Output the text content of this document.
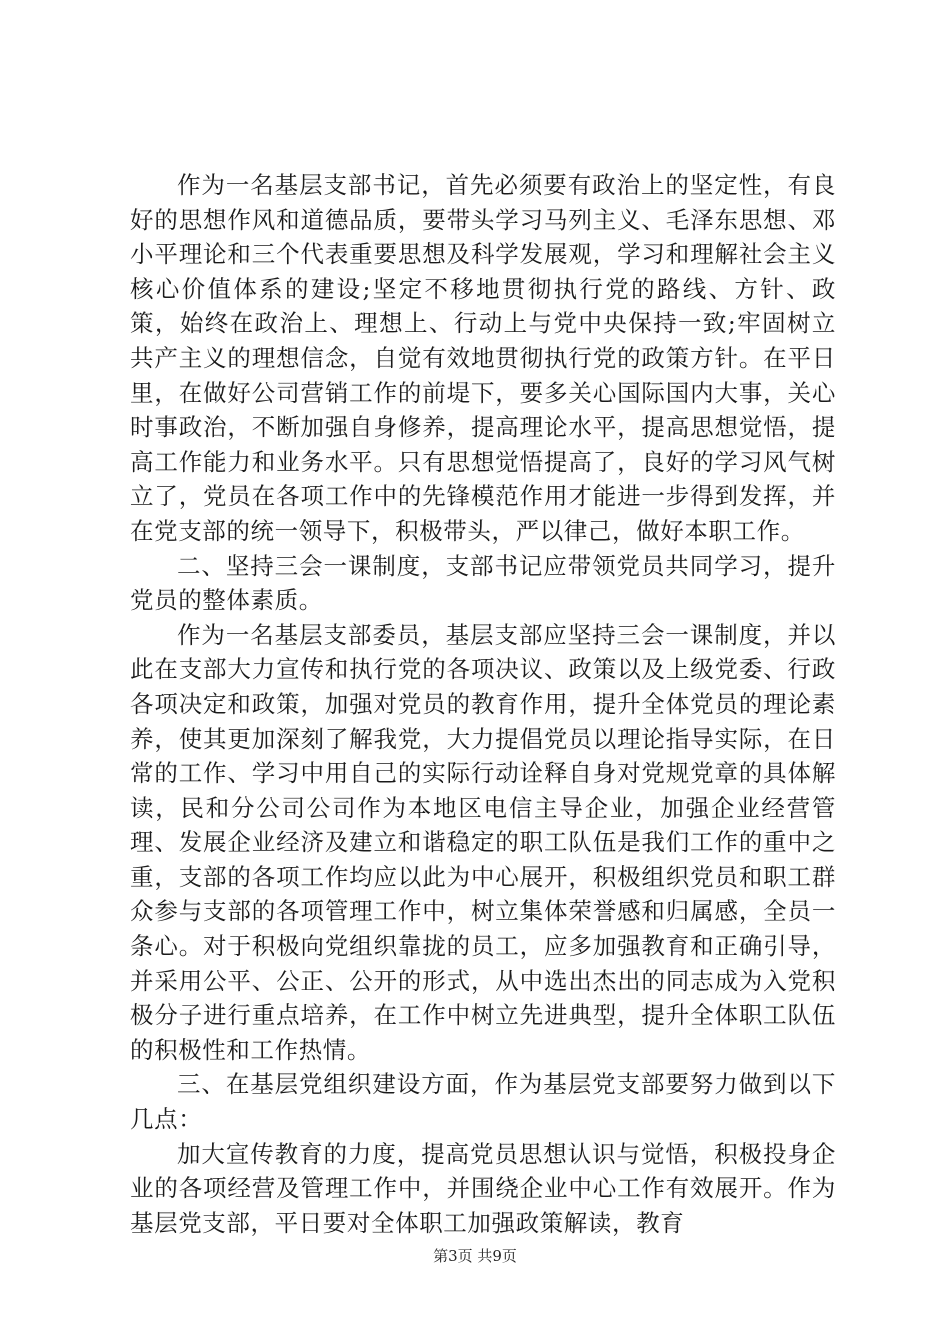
作为一名基层支部书记，首先必须要有政治上的坚定性，有良好的思想作风和道德品质，要带头学习马列主义、毛泽东思想、邓小平理论和三个代表重要思想及科学发展观，学习和理解社会主义核心价值体系的建设;坚定不移地贯彻执行党的路线、方针、政策，始终在政治上、理想上、行动上与党中央保持一致;牢固树立共产主义的理想信念，自觉有效地贯彻执行党的政策方针。在平日里，在做好公司营销工作的前堤下，要多关心国际国内大事，关心时事政治，不断加强自身修养，提高理论水平，提高思想觉悟，提高工作能力和业务水平。只有思想觉悟提高了，良好的学习风气树立了，党员在各项工作中的先锋模范作用才能进一步得到发挥，并在党支部的统一领导下，积极带头，严以律己，做好本职工作。

二、坚持三会一课制度，支部书记应带领党员共同学习，提升党员的整体素质。

作为一名基层支部委员，基层支部应坚持三会一课制度，并以此在支部大力宣传和执行党的各项决议、政策以及上级党委、行政各项决定和政策，加强对党员的教育作用，提升全体党员的理论素养，使其更加深刻了解我党，大力提倡党员以理论指导实际，在日常的工作、学习中用自己的实际行动诠释自身对党规党章的具体解读，民和分公司公司作为本地区电信主导企业，加强企业经营管理、发展企业经济及建立和谐稳定的职工队伍是我们工作的重中之重，支部的各项工作均应以此为中心展开，积极组织党员和职工群众参与支部的各项管理工作中，树立集体荣誉感和归属感，全员一条心。对于积极向党组织靠拢的员工，应多加强教育和正确引导，并采用公平、公正、公开的形式，从中选出杰出的同志成为入党积极分子进行重点培养，在工作中树立先进典型，提升全体职工队伍的积极性和工作热情。

三、在基层党组织建设方面，作为基层党支部要努力做到以下几点：

加大宣传教育的力度，提高党员思想认识与觉悟，积极投身企业的各项经营及管理工作中，并围绕企业中心工作有效展开。作为基层党支部，平日要对全体职工加强政策解读，教育

第3页 共9页
